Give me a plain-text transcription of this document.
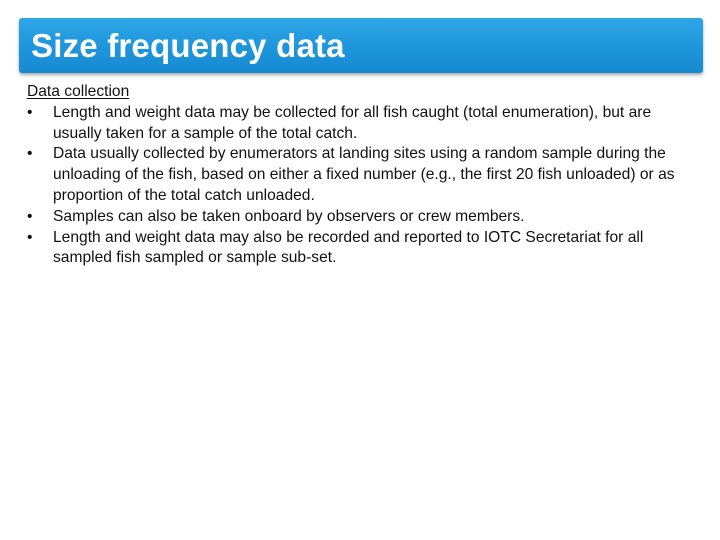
Size frequency data
Data collection
•	Length and weight data may be collected for all fish caught (total enumeration), but are usually taken for a sample of the total catch.
•	Data usually collected by enumerators at landing sites using a random sample during the unloading of the fish, based on either a fixed number (e.g., the first 20 fish unloaded) or as proportion of the total catch unloaded.
•	Samples can also be taken onboard by observers or crew members.
•	Length and weight data may also be recorded and reported to IOTC Secretariat for all sampled fish sampled or sample sub-set.
